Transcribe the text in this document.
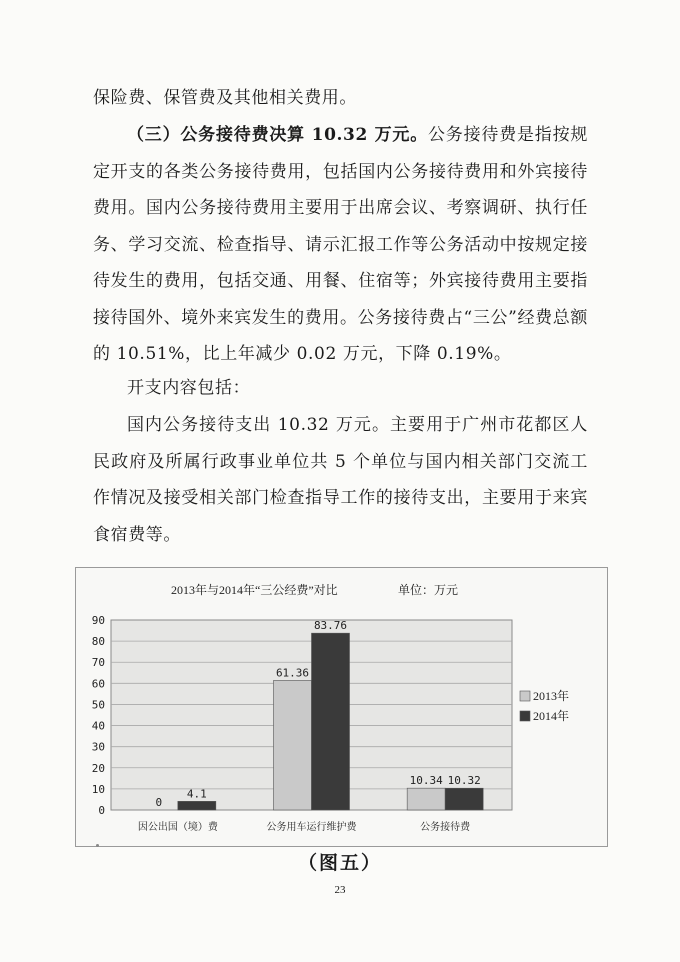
保险费、保管费及其他相关费用。

（三）公务接待费决算 10.32 万元。公务接待费是指按规定开支的各类公务接待费用，包括国内公务接待费用和外宾接待费用。国内公务接待费用主要用于出席会议、考察调研、执行任务、学习交流、检查指导、请示汇报工作等公务活动中按规定接待发生的费用，包括交通、用餐、住宿等；外宾接待费用主要指接待国外、境外来宾发生的费用。公务接待费占“三公”经费总额的 10.51%，比上年减少 0.02 万元，下降 0.19%。

开支内容包括：

国内公务接待支出 10.32 万元。主要用于广州市花都区人民政府及所属行政事业单位共 5 个单位与国内相关部门交流工作情况及接受相关部门检查指导工作的接待支出，主要用于来宾食宿费等。

2013年与2014年“三公经费”对比	单位：万元
0
10
20
30
40
50
60
70
80
90
0
4.1
因公出国（境）费
61.36
83.76
公务用车运行维护费
10.34 10.32
公务接待费
2013年
2014年
（图五）
23
